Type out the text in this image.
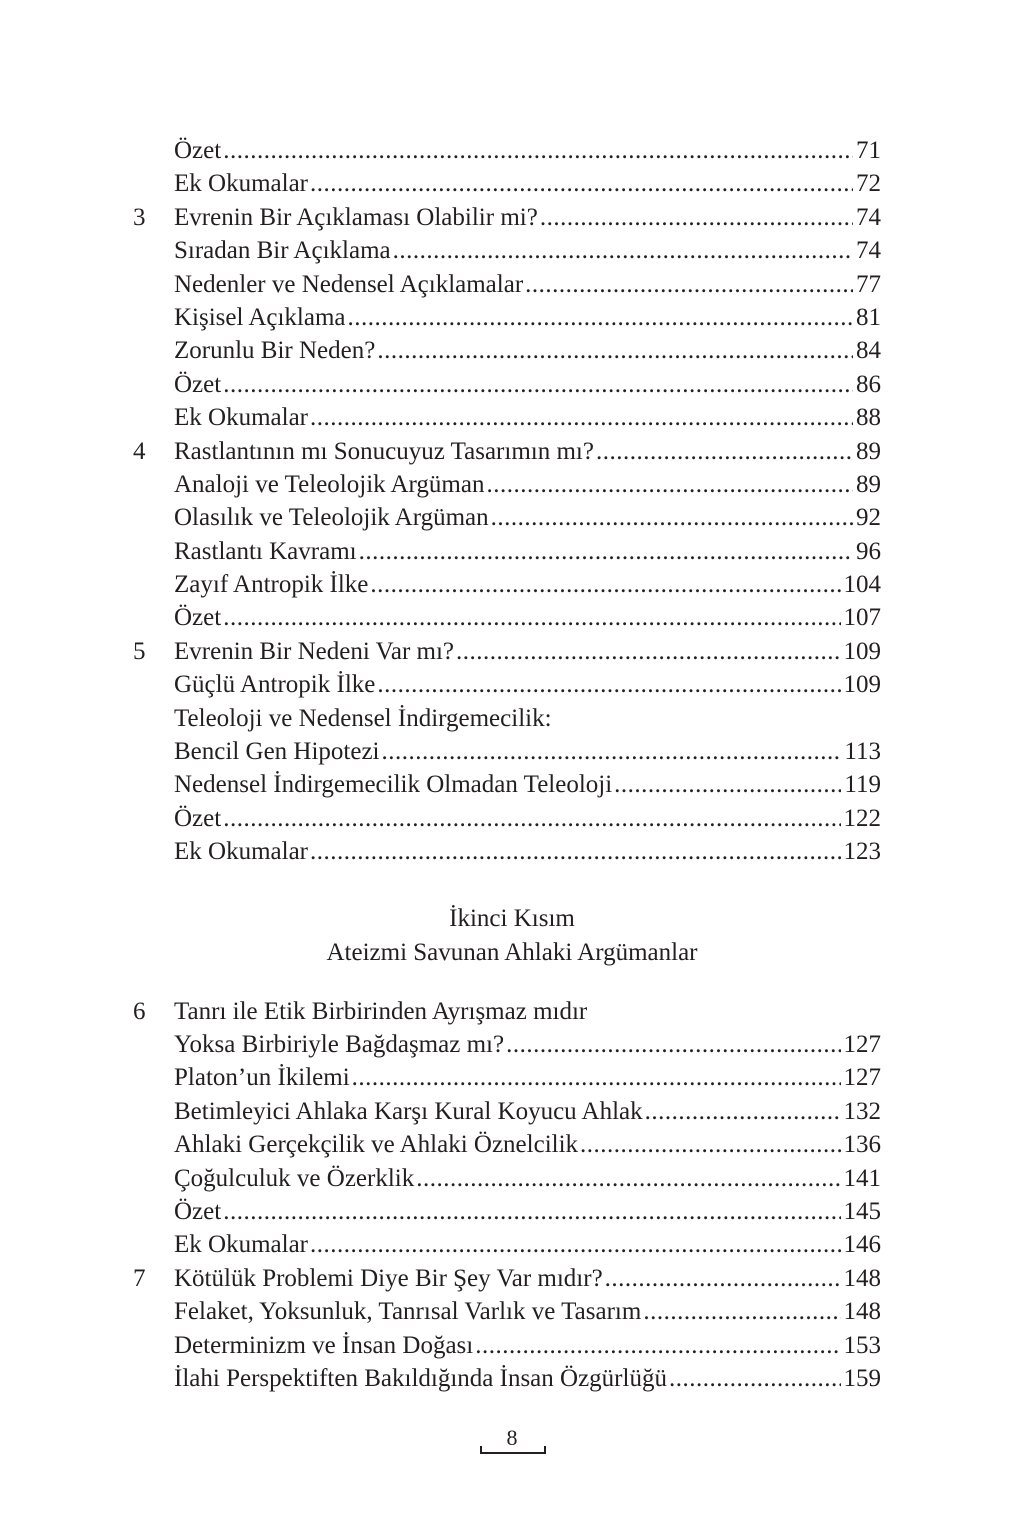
Özet .....	71
Ek Okumalar .....	72
3	Evrenin Bir Açıklaması Olabilir mi? .....	74
Sıradan Bir Açıklama .....	74
Nedenler ve Nedensel Açıklamalar .....	77
Kişisel Açıklama .....	81
Zorunlu Bir Neden? .....	84
Özet .....	86
Ek Okumalar .....	88
4	Rastlantının mı Sonucuyuz Tasarımın mı? .....	89
Analoji ve Teleolojik Argüman .....	89
Olasılık ve Teleolojik Argüman .....	92
Rastlantı Kavramı .....	96
Zayıf Antropik İlke .....	104
Özet .....	107
5	Evrenin Bir Nedeni Var mı? .....	109
Güçlü Antropik İlke .....	109
Teleoloji ve Nedensel İndirgemecilik:
Bencil Gen Hipotezi .....	113
Nedensel İndirgemecilik Olmadan Teleoloji .....	119
Özet .....	122
Ek Okumalar .....	123
İkinci Kısım
Ateizmi Savunan Ahlaki Argümanlar
6	Tanrı ile Etik Birbirinden Ayrışmaz mıdır
Yoksa Birbiriyle Bağdaşmaz mı? .....	127
Platon’un İkilemi .....	127
Betimleyici Ahlaka Karşı Kural Koyucu Ahlak .....	132
Ahlaki Gerçekçilik ve Ahlaki Öznelcilik .....	136
Çoğulculuk ve Özerklik .....	141
Özet .....	145
Ek Okumalar .....	146
7	Kötülük Problemi Diye Bir Şey Var mıdır? .....	148
Felaket, Yoksunluk, Tanrısal Varlık ve Tasarım .....	148
Determinizm ve İnsan Doğası .....	153
İlahi Perspektiften Bakıldığında İnsan Özgürlüğü .....	159
8
